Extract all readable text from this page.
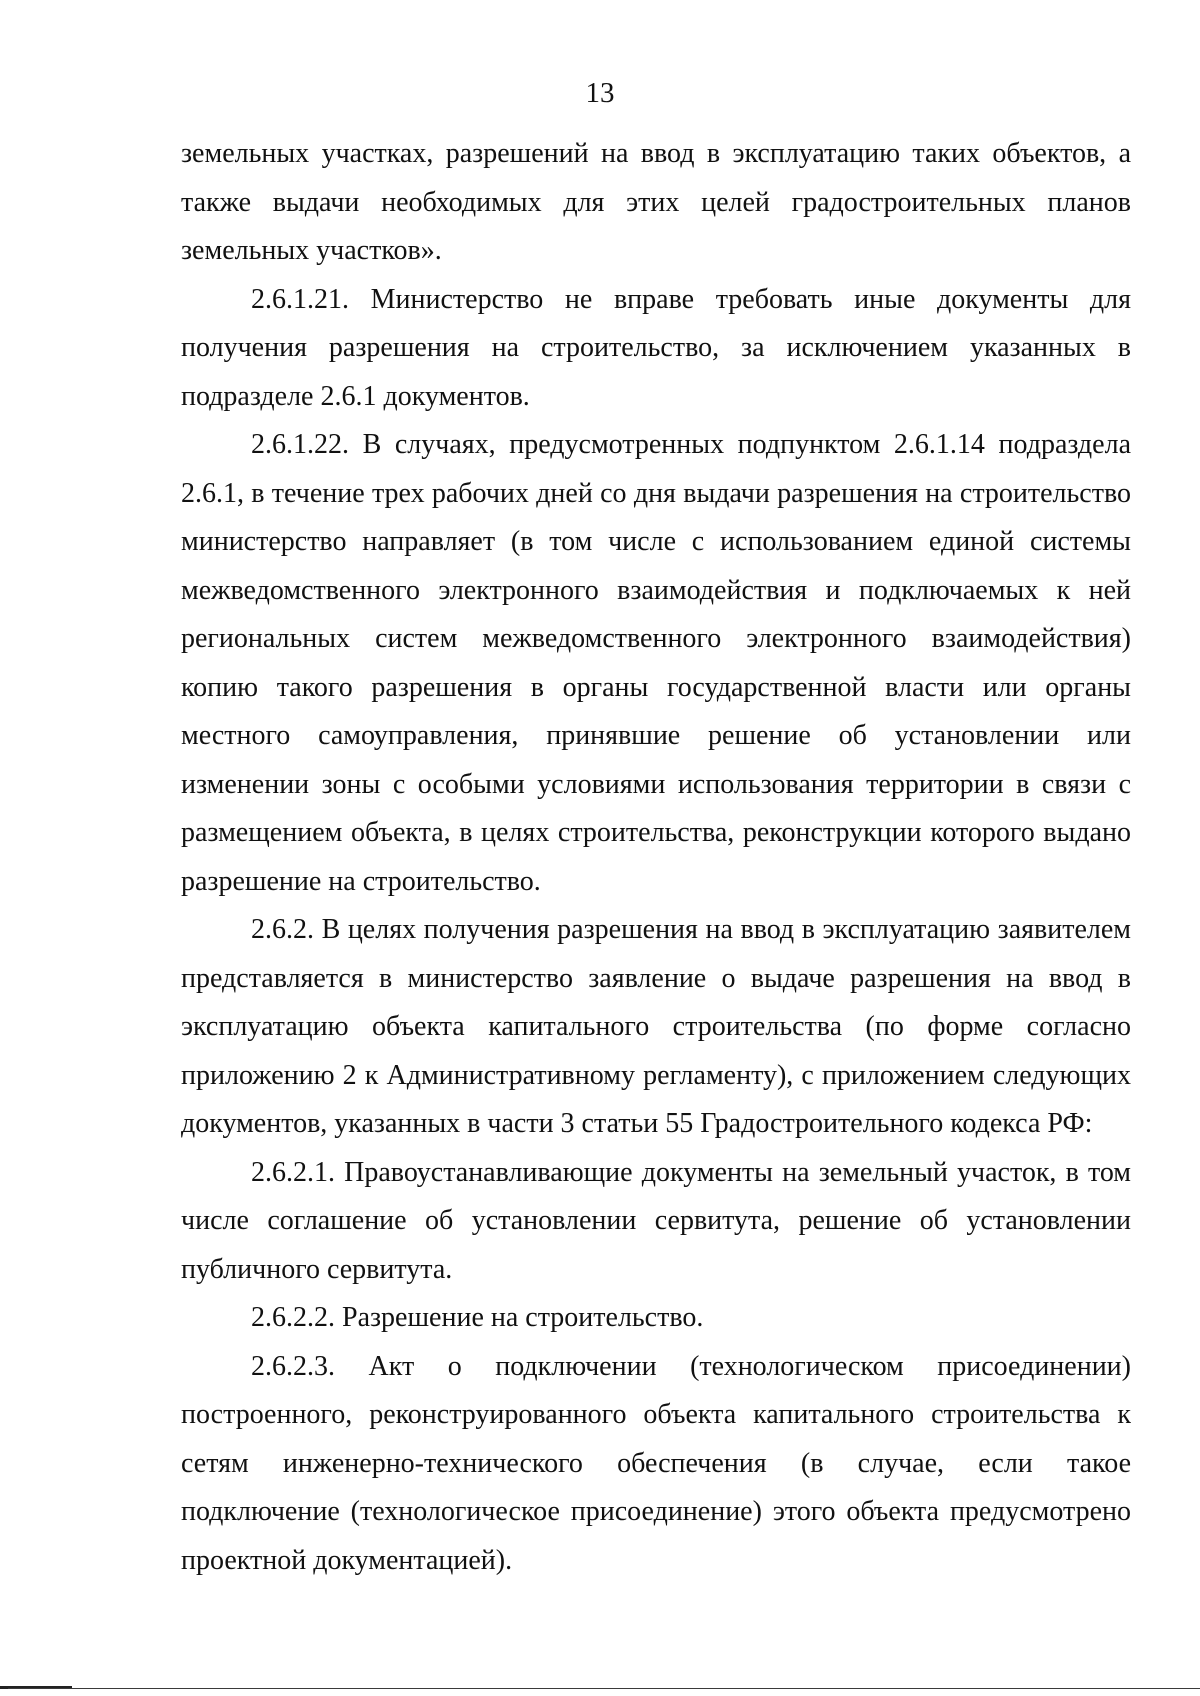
13

земельных участках, разрешений на ввод в эксплуатацию таких объектов, а также выдачи необходимых для этих целей градостроительных планов земельных участков».

2.6.1.21. Министерство не вправе требовать иные документы для получения разрешения на строительство, за исключением указанных в подразделе 2.6.1 документов.

2.6.1.22. В случаях, предусмотренных подпунктом 2.6.1.14 подраздела 2.6.1, в течение трех рабочих дней со дня выдачи разрешения на строительство министерство направляет (в том числе с использованием единой системы межведомственного электронного взаимодействия и подключаемых к ней региональных систем межведомственного электронного взаимодействия) копию такого разрешения в органы государственной власти или органы местного самоуправления, принявшие решение об установлении или изменении зоны с особыми условиями использования территории в связи с размещением объекта, в целях строительства, реконструкции которого выдано разрешение на строительство.

2.6.2. В целях получения разрешения на ввод в эксплуатацию заявителем представляется в министерство заявление о выдаче разрешения на ввод в эксплуатацию объекта капитального строительства (по форме согласно приложению 2 к Административному регламенту), с приложением следующих документов, указанных в части 3 статьи 55 Градостроительного кодекса РФ:

2.6.2.1. Правоустанавливающие документы на земельный участок, в том числе соглашение об установлении сервитута, решение об установлении публичного сервитута.

2.6.2.2. Разрешение на строительство.

2.6.2.3. Акт о подключении (технологическом присоединении) построенного, реконструированного объекта капитального строительства к сетям инженерно-технического обеспечения (в случае, если такое подключение (технологическое присоединение) этого объекта предусмотрено проектной документацией).
